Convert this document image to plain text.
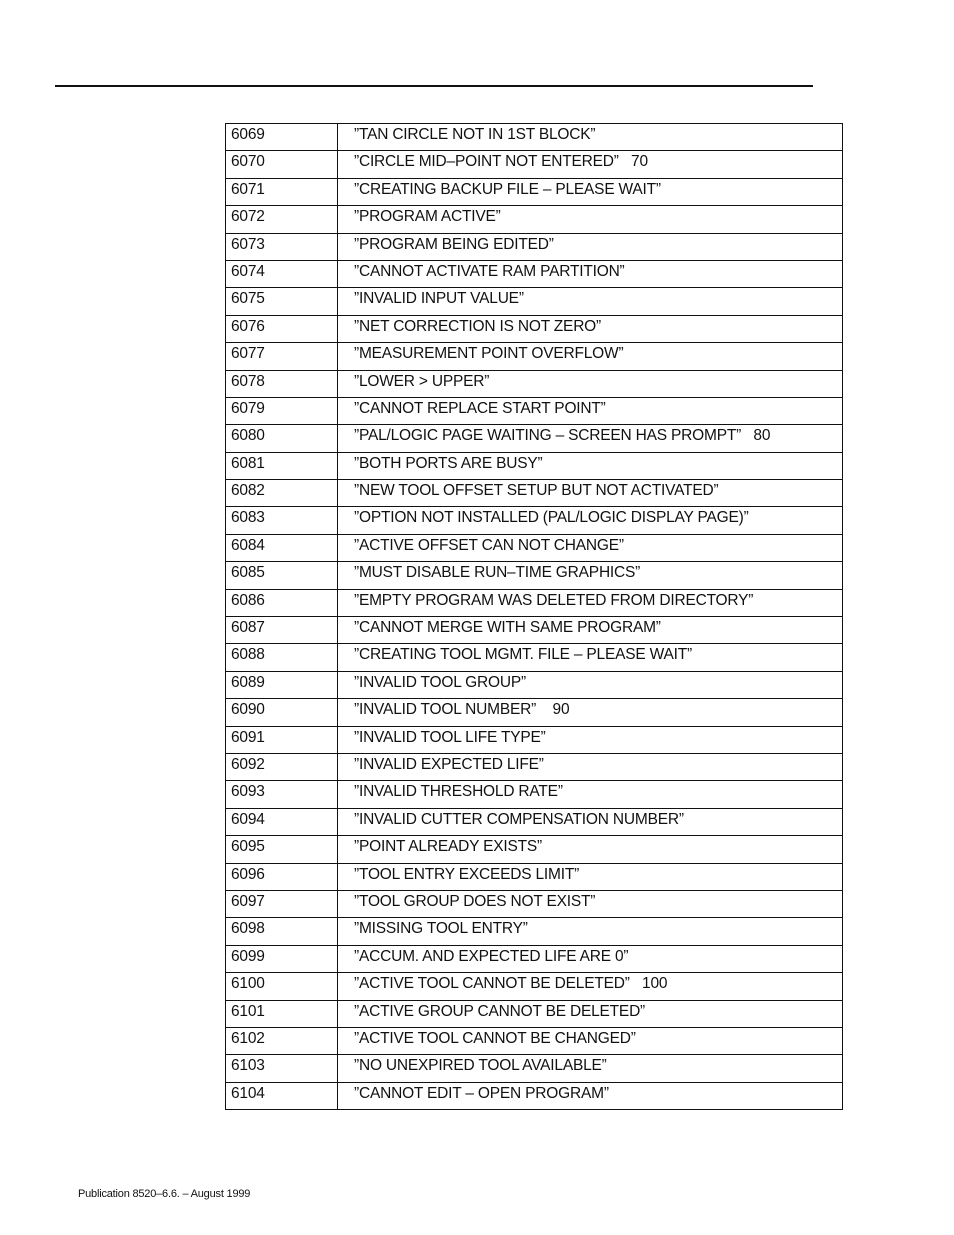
6069	”TAN CIRCLE NOT IN 1ST BLOCK”
6070	”CIRCLE MID–POINT NOT ENTERED”   70
6071	”CREATING BACKUP FILE – PLEASE WAIT”
6072	”PROGRAM ACTIVE”
6073	”PROGRAM BEING EDITED”
6074	”CANNOT ACTIVATE RAM PARTITION”
6075	”INVALID INPUT VALUE”
6076	”NET CORRECTION IS NOT ZERO”
6077	”MEASUREMENT POINT OVERFLOW”
6078	”LOWER > UPPER”
6079	”CANNOT REPLACE START POINT”
6080	”PAL/LOGIC PAGE WAITING – SCREEN HAS PROMPT”   80
6081	”BOTH PORTS ARE BUSY”
6082	”NEW TOOL OFFSET SETUP BUT NOT ACTIVATED”
6083	”OPTION NOT INSTALLED (PAL/LOGIC DISPLAY PAGE)”
6084	”ACTIVE OFFSET CAN NOT CHANGE”
6085	”MUST DISABLE RUN–TIME GRAPHICS”
6086	”EMPTY PROGRAM WAS DELETED FROM DIRECTORY”
6087	”CANNOT MERGE WITH SAME PROGRAM”
6088	”CREATING TOOL MGMT. FILE – PLEASE WAIT”
6089	”INVALID TOOL GROUP”
6090	”INVALID TOOL NUMBER”    90
6091	”INVALID TOOL LIFE TYPE”
6092	”INVALID EXPECTED LIFE”
6093	”INVALID THRESHOLD RATE”
6094	”INVALID CUTTER COMPENSATION NUMBER”
6095	”POINT ALREADY EXISTS”
6096	”TOOL ENTRY EXCEEDS LIMIT”
6097	”TOOL GROUP DOES NOT EXIST”
6098	”MISSING TOOL ENTRY”
6099	”ACCUM. AND EXPECTED LIFE ARE 0”
6100	”ACTIVE TOOL CANNOT BE DELETED”   100
6101	”ACTIVE GROUP CANNOT BE DELETED”
6102	”ACTIVE TOOL CANNOT BE CHANGED”
6103	”NO UNEXPIRED TOOL AVAILABLE”
6104	”CANNOT EDIT – OPEN PROGRAM”
Publication 8520–6.6. – August 1999
